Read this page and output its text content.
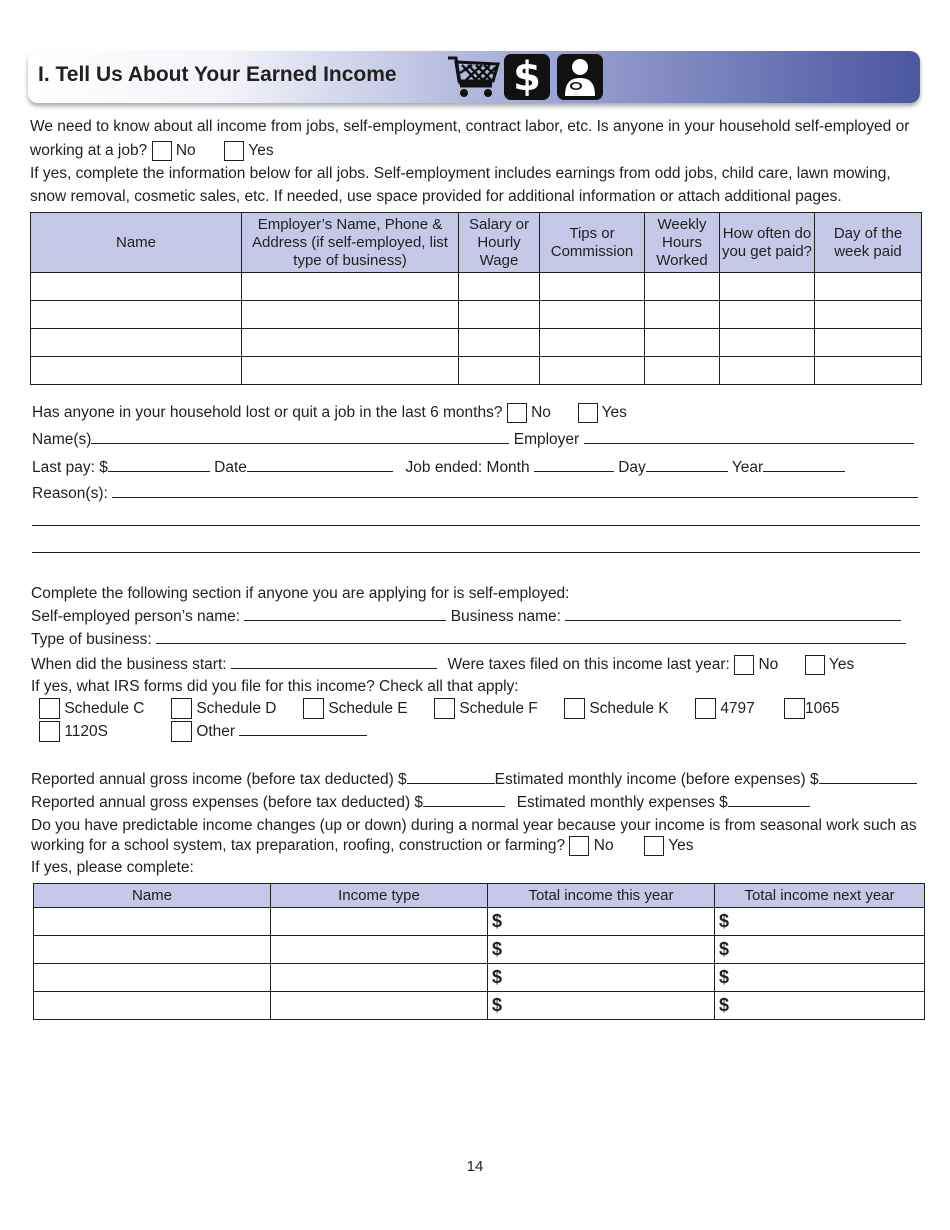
I. Tell Us About Your Earned Income	$
We need to know about all income from jobs, self-employment, contract labor, etc. Is anyone in your household self-employed or
working at a job? No	Yes
If yes, complete the information below for all jobs. Self-employment includes earnings from odd jobs, child care, lawn mowing,
snow removal, cosmetic sales, etc. If needed, use space provided for additional information or attach additional pages.
Name	Employer’s Name, Phone & Address (if self-employed, list type of business)	Salary or Hourly Wage	Tips or Commission	Weekly Hours Worked	How often do you get paid?	Day of the week paid

Has anyone in your household lost or quit a job in the last 6 months? No	Yes
Name(s)	Employer
Last pay: $	Date	Job ended: Month	Day	Year
Reason(s):
Complete the following section if anyone you are applying for is self-employed:
Self-employed person’s name:	Business name:
Type of business:
When did the business start:	Were taxes filed on this income last year: No	Yes
If yes, what IRS forms did you file for this income? Check all that apply:
Schedule C	Schedule D	Schedule E	Schedule F	Schedule K	4797	1065
1120S	Other
Reported annual gross income (before tax deducted) $	Estimated monthly income (before expenses) $
Reported annual gross expenses (before tax deducted) $	Estimated monthly expenses $
Do you have predictable income changes (up or down) during a normal year because your income is from seasonal work such as
working for a school system, tax preparation, roofing, construction or farming? No	Yes
If yes, please complete:
Name	Income type	Total income this year	Total income next year
		$	$
		$	$
		$	$
		$	$
14
